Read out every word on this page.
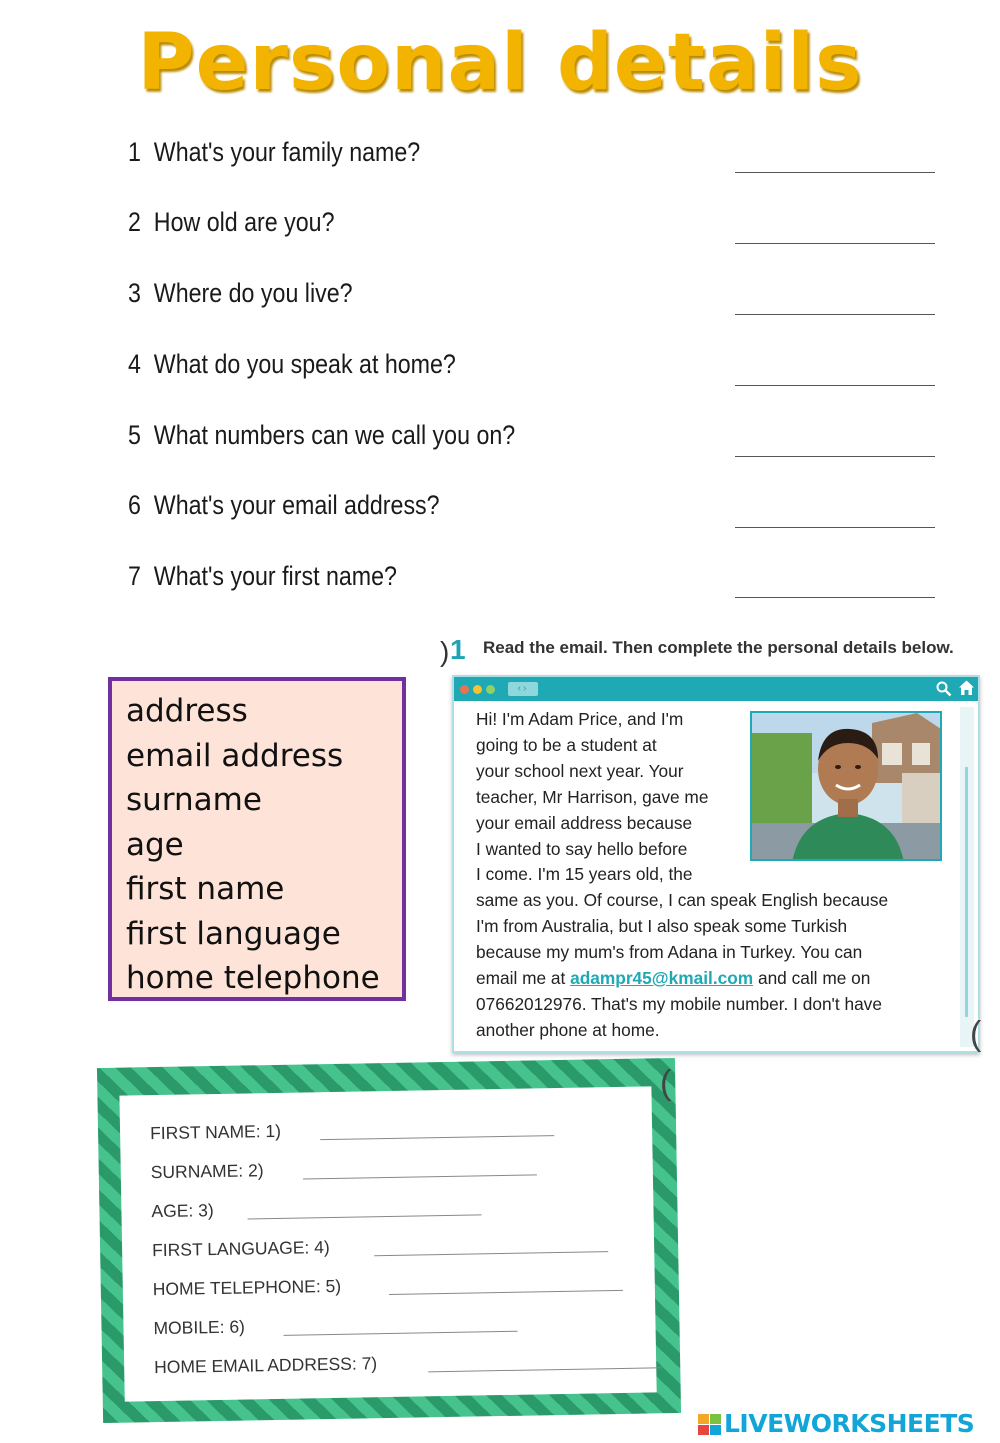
Personal details
1 What's your family name?
2 How old are you?
3 Where do you live?
4 What do you speak at home?
5 What numbers can we call you on?
6 What's your email address?
7 What's your first name?
address
email address
surname
age
first name
first language
home telephone
) 1 Read the email. Then complete the personal details below.
‹›
Hi! I'm Adam Price, and I'm
going to be a student at
your school next year. Your
teacher, Mr Harrison, gave me
your email address because
I wanted to say hello before
I come. I'm 15 years old, the
same as you. Of course, I can speak English because
I'm from Australia, but I also speak some Turkish
because my mum's from Adana in Turkey. You can
email me at adampr45@kmail.com and call me on
07662012976. That's my mobile number. I don't have
another phone at home.	(
FIRST NAME: 1)
SURNAME: 2)
AGE: 3)
FIRST LANGUAGE: 4)
HOME TELEPHONE: 5)
MOBILE: 6)
HOME EMAIL ADDRESS: 7)
(
LIVEWORKSHEETS
